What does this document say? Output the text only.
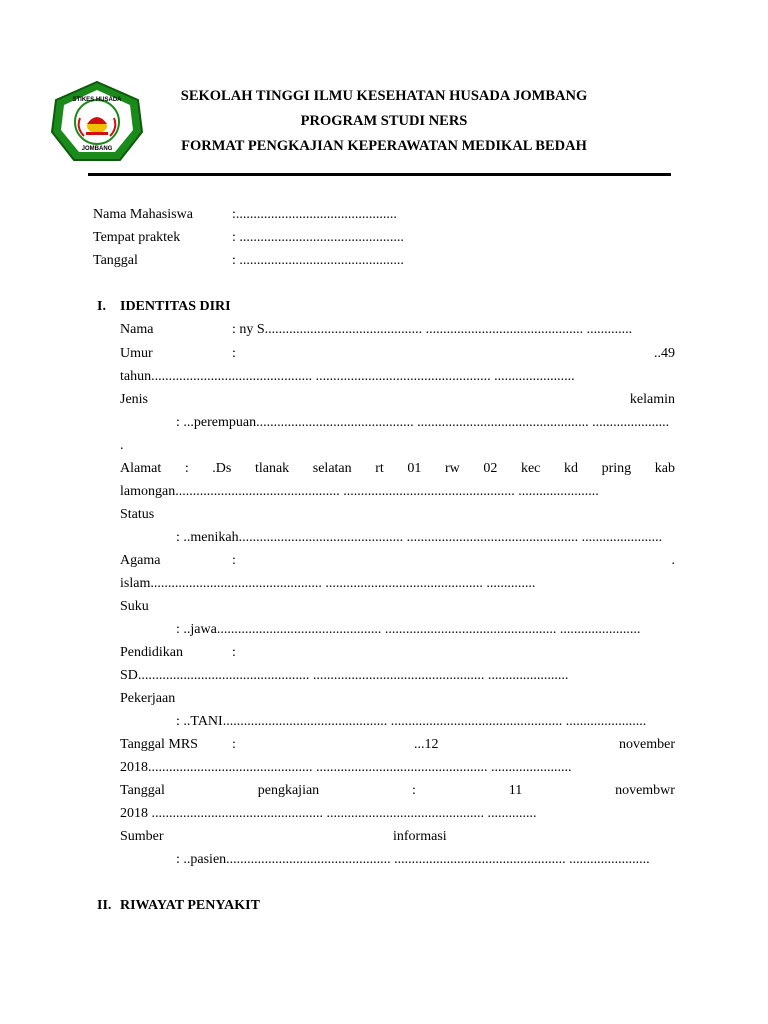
STIKES HUSADA
JOMBANG
SEKOLAH TINGGI ILMU KESEHATAN HUSADA JOMBANG
PROGRAM STUDI NERS
FORMAT PENGKAJIAN KEPERAWATAN MEDIKAL BEDAH
Nama Mahasiswa	:..............................................
Tempat praktek	: ...............................................
Tanggal	: ...............................................
I. IDENTITAS DIRI
Nama	: ny S............................................. ............................................. .............
Umur	:	..49
tahun.............................................. .................................................. .......................
Jenis	kelamin
: ...perempuan............................................. ................................................. ......................
.
Alamat : .Ds tlanak selatan rt 01 rw 02 kec kd pring kab
lamongan............................................... ................................................. .......................
Status
: ..menikah............................................... ................................................. .......................
Agama	:	.
islam................................................. ............................................. ..............
Suku
: ..jawa............................................... ................................................. .......................
Pendidikan	:
SD................................................. ................................................. .......................
Pekerjaan
: ..TANI............................................... ................................................. .......................
Tanggal MRS :	...12	november
2018............................................... ................................................. .......................
Tanggal	pengkajian	:	11	novembwr
2018 ................................................. ............................................. ..............
Sumber	informasi
: ..pasien............................................... ................................................. .......................
II. RIWAYAT PENYAKIT
